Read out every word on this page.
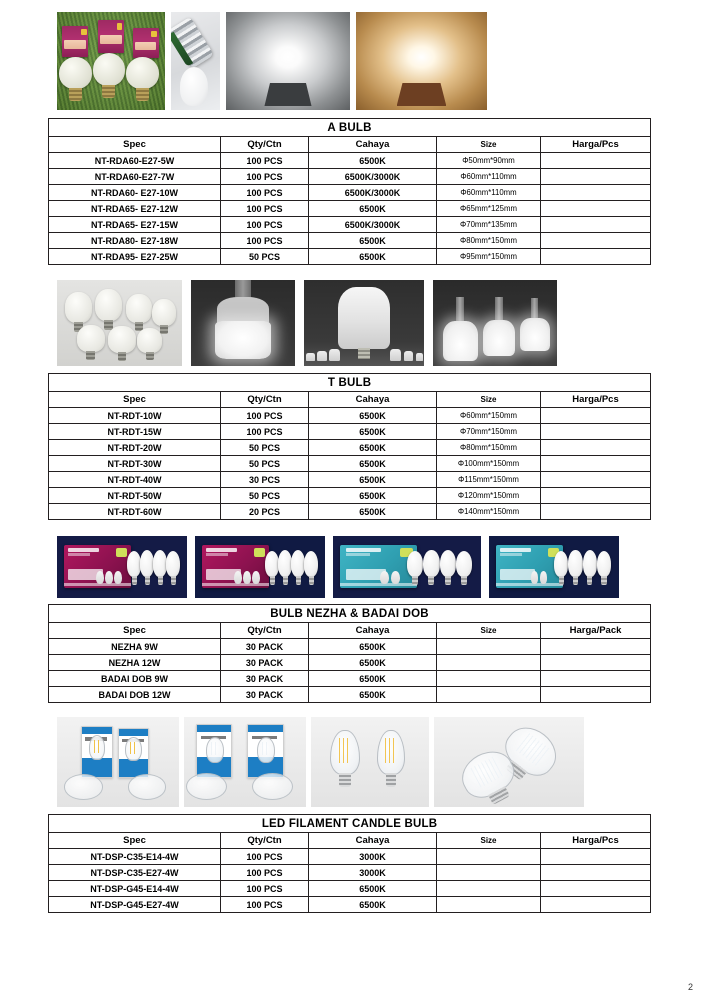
A BULB				
Spec	Qty/Ctn	Cahaya	Size	Harga/Pcs
NT-RDA60-E27-5W	100 PCS	6500K	Φ50mm*90mm	
NT-RDA60-E27-7W	100 PCS	6500K/3000K	Φ60mm*110mm	
NT-RDA60- E27-10W	100 PCS	6500K/3000K	Φ60mm*110mm	
NT-RDA65- E27-12W	100 PCS	6500K	Φ65mm*125mm	
NT-RDA65- E27-15W	100 PCS	6500K/3000K	Φ70mm*135mm	
NT-RDA80- E27-18W	100 PCS	6500K	Φ80mm*150mm	
NT-RDA95- E27-25W	50 PCS	6500K	Φ95mm*150mm	
T BULB				
Spec	Qty/Ctn	Cahaya	Size	Harga/Pcs
NT-RDT-10W	100 PCS	6500K	Φ60mm*150mm	
NT-RDT-15W	100 PCS	6500K	Φ70mm*150mm	
NT-RDT-20W	50 PCS	6500K	Φ80mm*150mm	
NT-RDT-30W	50 PCS	6500K	Φ100mm*150mm	
NT-RDT-40W	30 PCS	6500K	Φ115mm*150mm	
NT-RDT-50W	50 PCS	6500K	Φ120mm*150mm	
NT-RDT-60W	20 PCS	6500K	Φ140mm*150mm	
BULB NEZHA & BADAI DOB				
Spec	Qty/Ctn	Cahaya	Size	Harga/Pack
NEZHA 9W	30 PACK	6500K		
NEZHA 12W	30 PACK	6500K		
BADAI DOB 9W	30 PACK	6500K		
BADAI DOB 12W	30 PACK	6500K		
LED FILAMENT CANDLE BULB				
Spec	Qty/Ctn	Cahaya	Size	Harga/Pcs
NT-DSP-C35-E14-4W	100 PCS	3000K		
NT-DSP-C35-E27-4W	100 PCS	3000K		
NT-DSP-G45-E14-4W	100 PCS	6500K		
NT-DSP-G45-E27-4W	100 PCS	6500K		
2
